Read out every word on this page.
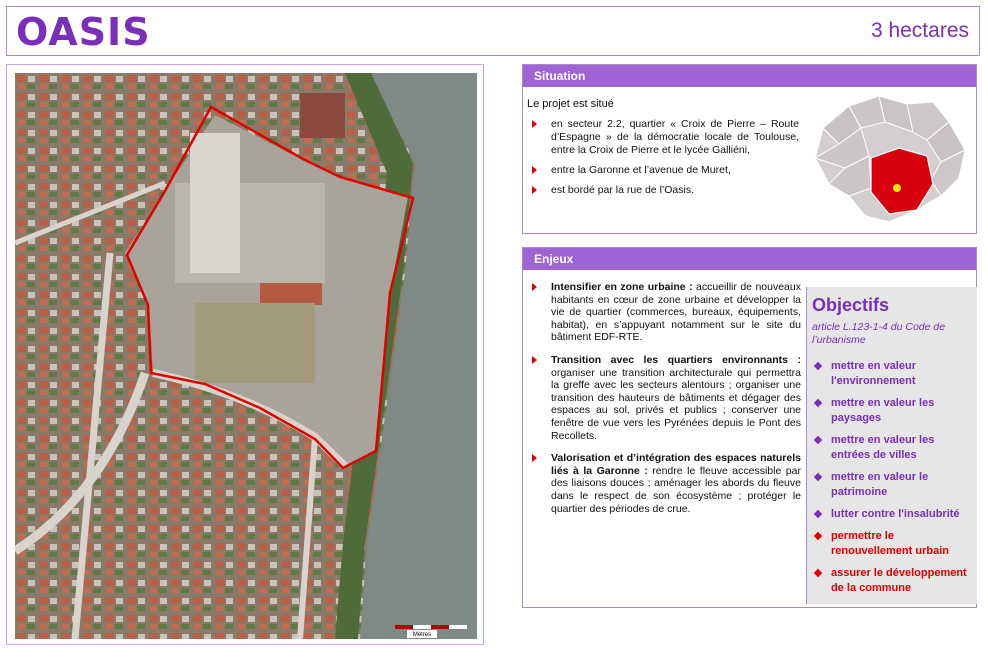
OASIS	3 hectares
Mètres
Situation
Le projet est situé
en secteur 2.2, quartier « Croix de Pierre – Route d’Espagne » de la démocratie locale de Toulouse, entre la Croix de Pierre et le lycée Galliéni,
entre la Garonne et l’avenue de Muret,
est bordé par la rue de l’Oasis.
Enjeux
Intensifier en zone urbaine : accueillir de nouveaux habitants en cœur de zone urbaine et développer la vie de quartier (commerces, bureaux, équipements, habitat), en s’appuyant notamment sur le site du bâtiment EDF-RTE.
Transition avec les quartiers environnants : organiser une transition architecturale qui permettra la greffe avec les secteurs alentours ; organiser une transition des hauteurs de bâtiments et dégager des espaces au sol, privés et publics ; conserver une fenêtre de vue vers les Pyrénées depuis le Pont des Recollets.
Valorisation et d’intégration des espaces naturels liés à la Garonne : rendre le fleuve accessible par des liaisons douces ; aménager les abords du fleuve dans le respect de son écosystème ; protéger le quartier des périodes de crue.
Objectifs
article L.123-1-4 du Code de l’urbanisme
mettre en valeur l'environnement
mettre en valeur les paysages
mettre en valeur les entrées de villes
mettre en valeur le patrimoine
lutter contre l'insalubrité
permettre le renouvellement urbain
assurer le développement de la commune
